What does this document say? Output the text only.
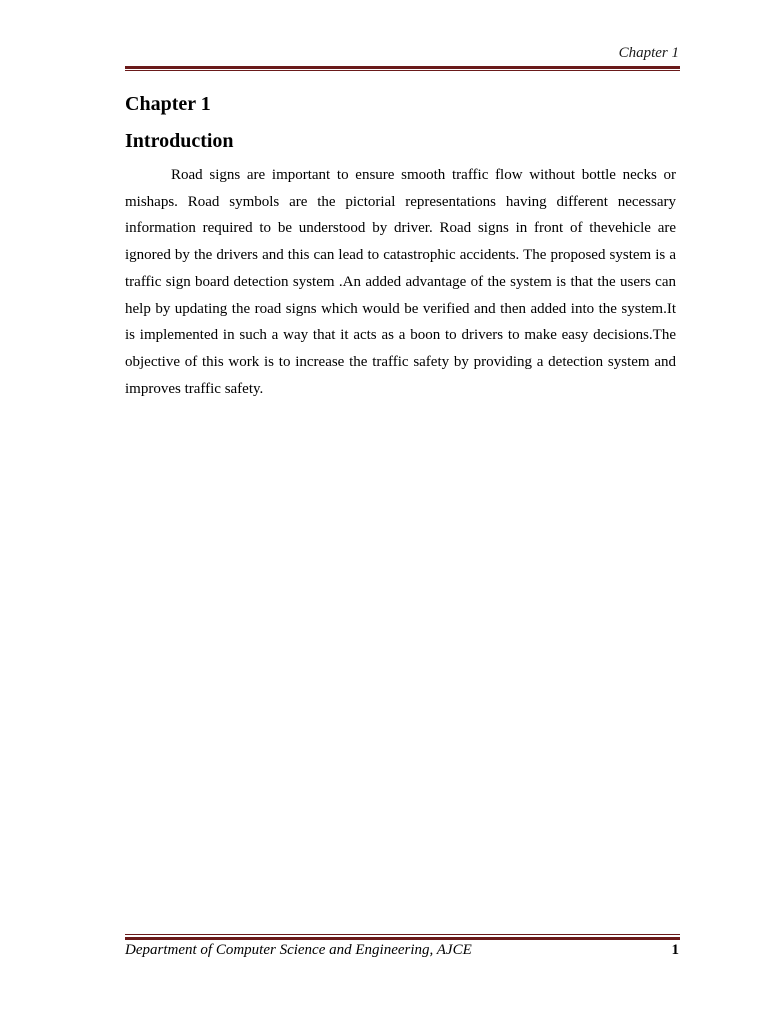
Chapter 1
Chapter 1
Introduction

Road signs are important to ensure smooth traffic flow without bottle necks or mishaps. Road symbols are the pictorial representations having different necessary information required to be understood by driver. Road signs in front of thevehicle are ignored by the drivers and this can lead to catastrophic accidents. The proposed system is a traffic sign board detection system .An added advantage of the system is that the users can help by updating the road signs which would be verified and then added into the system.It is implemented in such a way that it acts as a boon to drivers to make easy decisions.The objective of this work is to increase the traffic safety by providing a detection system and improves traffic safety.

Department of Computer Science and Engineering, AJCE	1
